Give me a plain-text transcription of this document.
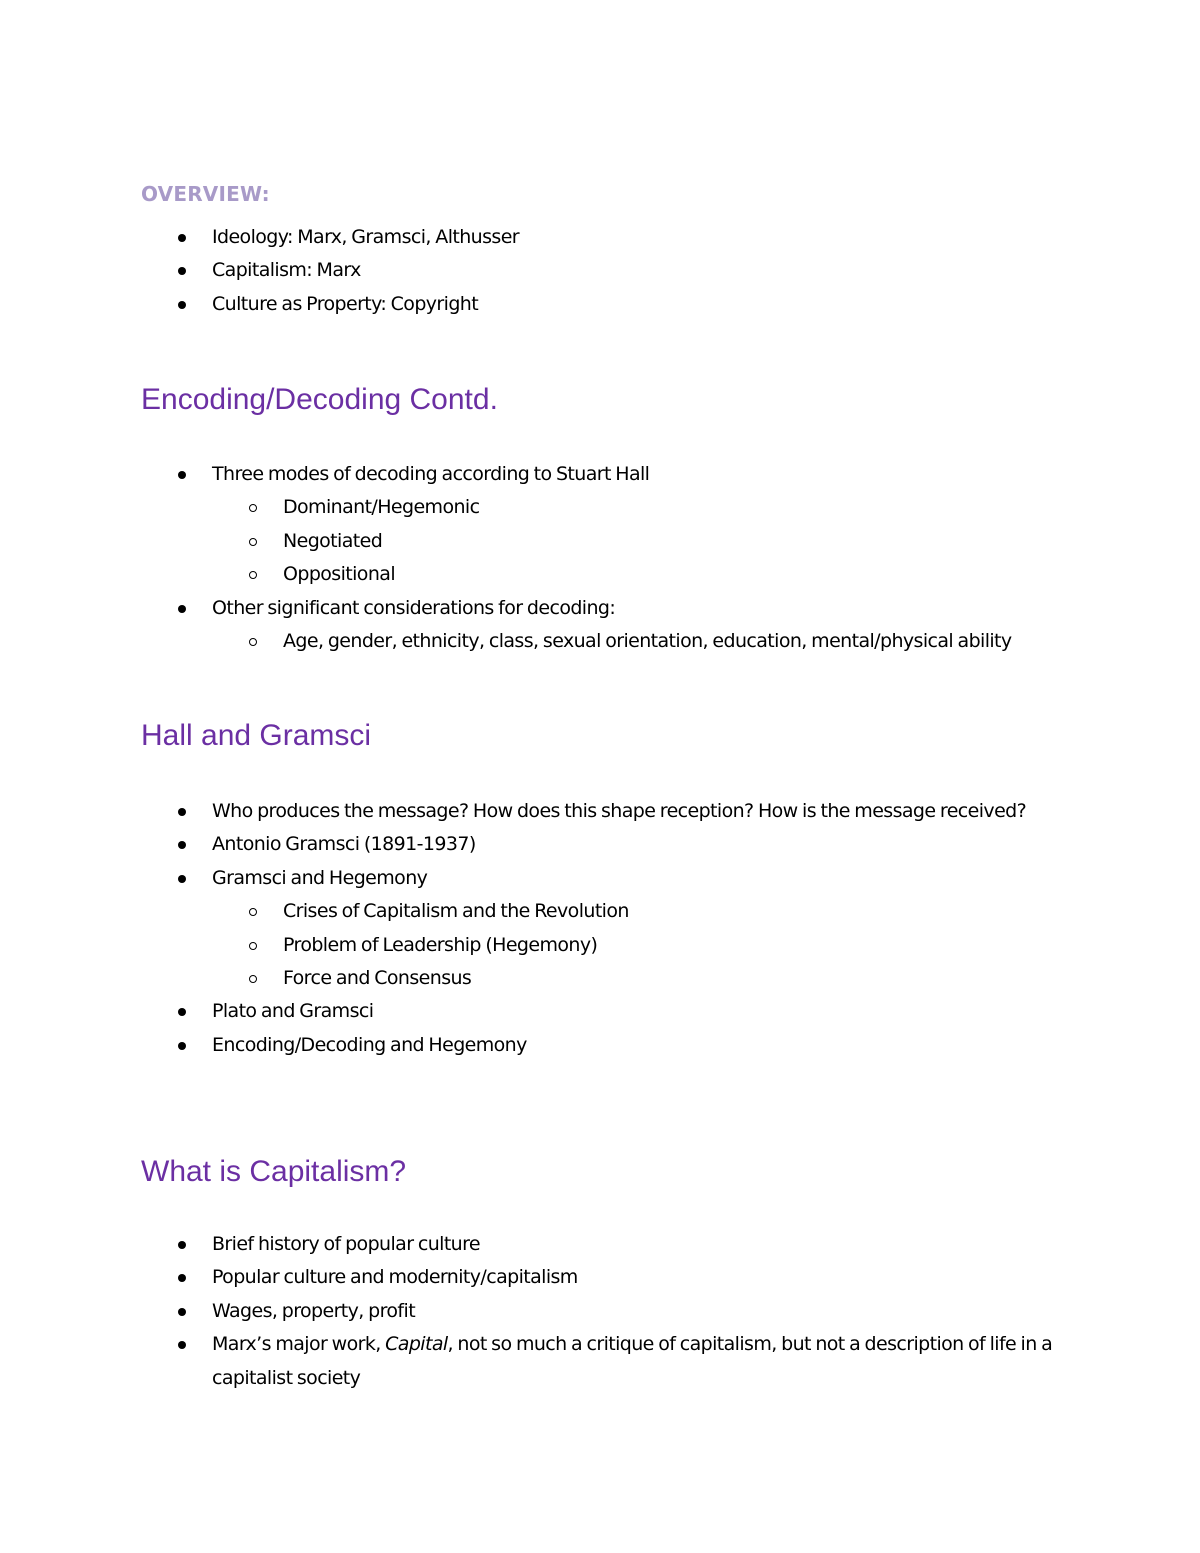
OVERVIEW:
Ideology: Marx, Gramsci, Althusser
Capitalism: Marx
Culture as Property: Copyright
Encoding/Decoding Contd.
Three modes of decoding according to Stuart Hall
Dominant/Hegemonic
Negotiated
Oppositional
Other significant considerations for decoding:
Age, gender, ethnicity, class, sexual orientation, education, mental/physical ability
Hall and Gramsci
Who produces the message? How does this shape reception? How is the message received?
Antonio Gramsci (1891-1937)
Gramsci and Hegemony
Crises of Capitalism and the Revolution
Problem of Leadership (Hegemony)
Force and Consensus
Plato and Gramsci
Encoding/Decoding and Hegemony
What is Capitalism?
Brief history of popular culture
Popular culture and modernity/capitalism
Wages, property, profit
Marx’s major work, Capital, not so much a critique of capitalism, but not a description of life in a capitalist society
